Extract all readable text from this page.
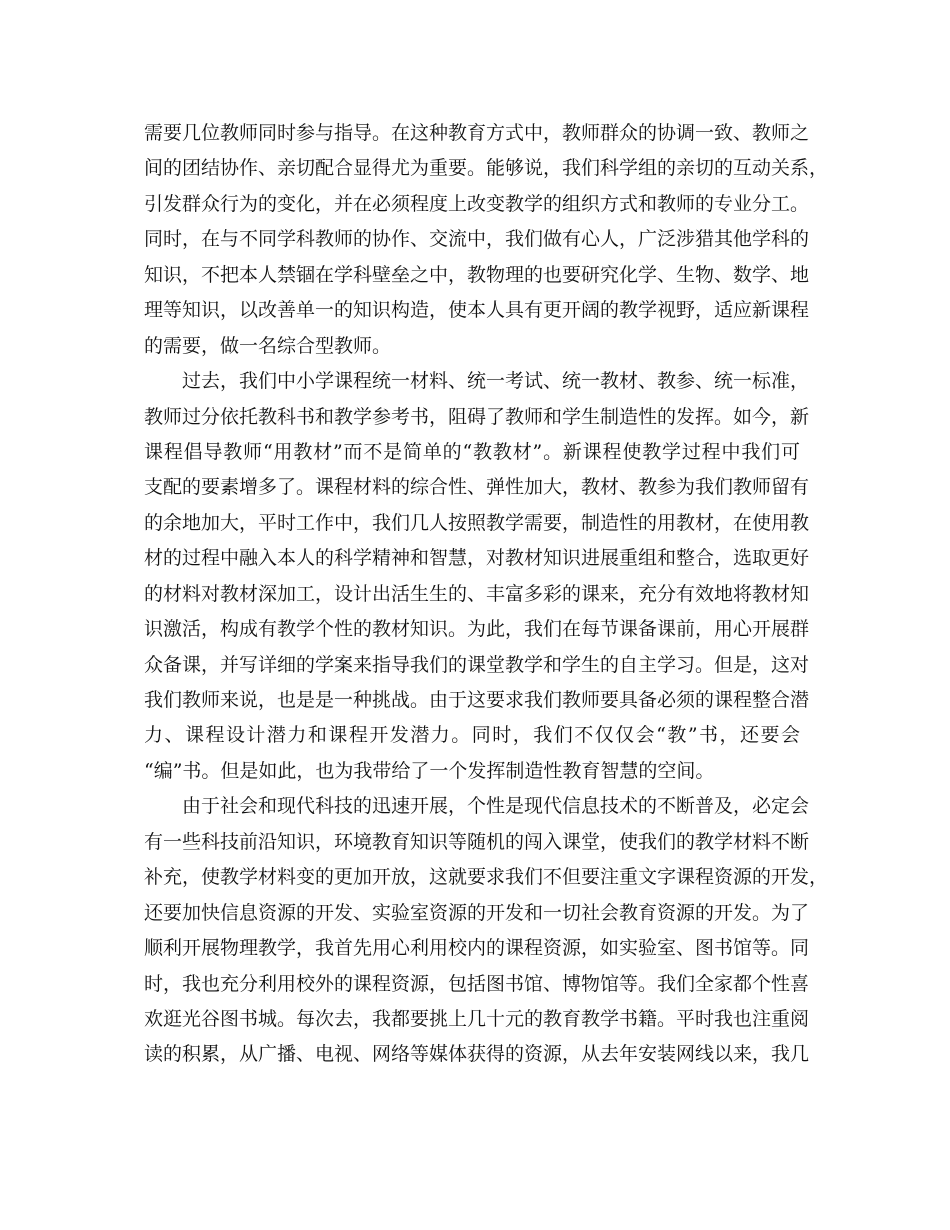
需要几位教师同时参与指导。在这种教育方式中，教师群众的协调一致、教师之
间的团结协作、亲切配合显得尤为重要。能够说，我们科学组的亲切的互动关系，
引发群众行为的变化，并在必须程度上改变教学的组织方式和教师的专业分工。
同时，在与不同学科教师的协作、交流中，我们做有心人，广泛涉猎其他学科的
知识，不把本人禁锢在学科壁垒之中，教物理的也要研究化学、生物、数学、地
理等知识，以改善单一的知识构造，使本人具有更开阔的教学视野，适应新课程
的需要，做一名综合型教师。
过去，我们中小学课程统一材料、统一考试、统一教材、教参、统一标准，
教师过分依托教科书和教学参考书，阻碍了教师和学生制造性的发挥。如今，新
课程倡导教师“用教材”而不是简单的“教教材”。新课程使教学过程中我们可
支配的要素增多了。课程材料的综合性、弹性加大，教材、教参为我们教师留有
的余地加大，平时工作中，我们几人按照教学需要，制造性的用教材，在使用教
材的过程中融入本人的科学精神和智慧，对教材知识进展重组和整合，选取更好
的材料对教材深加工，设计出活生生的、丰富多彩的课来，充分有效地将教材知
识激活，构成有教学个性的教材知识。为此，我们在每节课备课前，用心开展群
众备课，并写详细的学案来指导我们的课堂教学和学生的自主学习。但是，这对
我们教师来说，也是是一种挑战。由于这要求我们教师要具备必须的课程整合潜
力、课程设计潜力和课程开发潜力。同时，我们不仅仅会“教”书，还要会
“编”书。但是如此，也为我带给了一个发挥制造性教育智慧的空间。
由于社会和现代科技的迅速开展，个性是现代信息技术的不断普及，必定会
有一些科技前沿知识，环境教育知识等随机的闯入课堂，使我们的教学材料不断
补充，使教学材料变的更加开放，这就要求我们不但要注重文字课程资源的开发，
还要加快信息资源的开发、实验室资源的开发和一切社会教育资源的开发。为了
顺利开展物理教学，我首先用心利用校内的课程资源，如实验室、图书馆等。同
时，我也充分利用校外的课程资源，包括图书馆、博物馆等。我们全家都个性喜
欢逛光谷图书城。每次去，我都要挑上几十元的教育教学书籍。平时我也注重阅
读的积累，从广播、电视、网络等媒体获得的资源，从去年安装网线以来，我几
